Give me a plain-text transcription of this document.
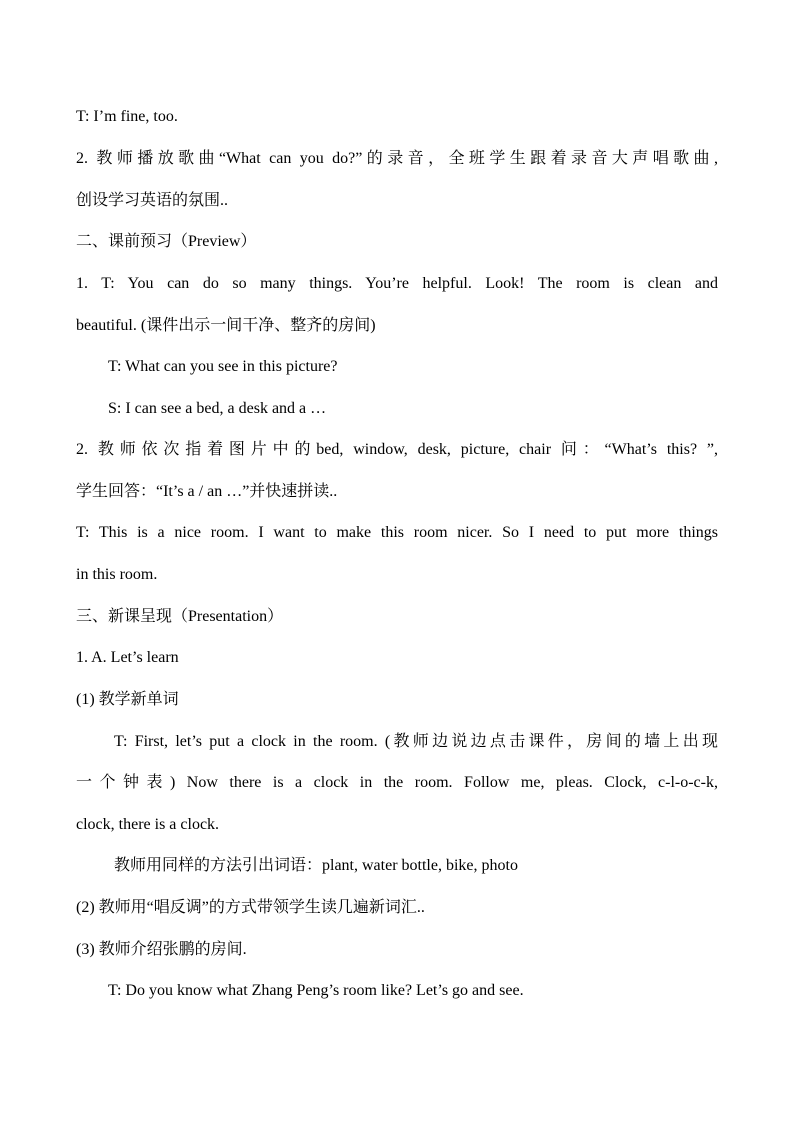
T: I’m fine, too.
2. 教师播放歌曲“What can you do?”的录音，全班学生跟着录音大声唱歌曲,
创设学习英语的氛围..
二、课前预习（Preview）
1. T: You can do so many things. You’re helpful. Look! The room is clean and
beautiful. (课件出示一间干净、整齐的房间)
T: What can you see in this picture?
S: I can see a bed, a desk and a …
2. 教师依次指着图片中的bed, window, desk, picture, chair 问：“What’s this? ”,
学生回答：“It’s a / an …”并快速拼读..
T: This is a nice room. I want to make this room nicer. So I need to put more things
in this room.
三、新课呈现（Presentation）
1. A. Let’s learn
(1) 教学新单词
T: First, let’s put a clock in the room. (教师边说边点击课件，房间的墙上出现
一个钟表) Now there is a clock in the room. Follow me, pleas. Clock, c-l-o-c-k,
clock, there is a clock.
教师用同样的方法引出词语：plant, water bottle, bike, photo
(2) 教师用“唱反调”的方式带领学生读几遍新词汇..
(3) 教师介绍张鹏的房间.
T: Do you know what Zhang Peng’s room like? Let’s go and see.
